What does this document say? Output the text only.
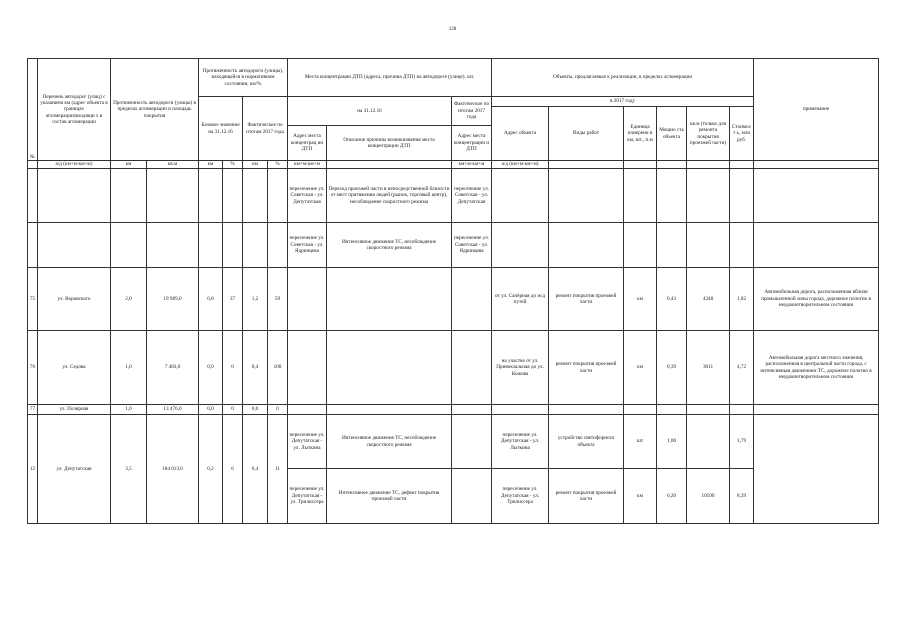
128
№	Перечень автодорог (улиц) с указанием км (адрес объекта в границах агломерации)входящи х в состав агломерации	Протяженность автодороги (улицы) в пределах агломерации и площадь покрытия		Протяженность автодороги (улицы), находящейся в нормативном состоянии, км/%				Места концентрации ДТП (адреса, причина ДТП) на автодороге (улице), шт.			Объекты, предлагаемые к реализации, в пределах агломерации						примечание
				Базовое значение на 31.12.16		Фактическое по итогам 2017 года		на 31.12.16		Фактическое по итогам 2017 года	в 2017 году						
											Адрес объекта	Виды работ	Единица измерени я км, шт., п.м	Мощно сть объекта	кв.м (только для ремонта покрытия проезжей части)	Стоимост ь, млн руб.	
								Адрес места концентрац ии ДТП	Описание причины возникновения места концентрации ДТП	Адрес места концентрации и ДТП							
	а/д (км+м-км+м)	км	кв.м	км	%	км	%	км+м-км+м		км+м-км+м	а/д (км+м-км+м)						
								пересечение ул. Советская - ул. Депутатская	Переход проезжей части в непосредственной близости от мест притяжения людей (рынок, торговый центр), несоблюдение скоростного режима	пересечение ул. Советская - ул. Депутатская							
								пересечение ул. Советская - ул. Ядринцева	Интенсивное движение ТС, несоблюдение скоростного режима	пересечение ул. Советская - ул. Ядринцева							
75	ул. Воровского	2,0	19 989,0	0,8	37	1,2	59				от ул. Сапёрная до ж/д путей	ремонт покрытия проезжей части	км	0,43	4248	1,82	Автомобильная дорога, расположенная вблизи промышленной зоны города, дорожное полотно в неудовлетворительном состоянии
76	ул. Седова	1,0	7 483,0	0,0	0	0,4	100				на участке от ул. Привокзальная до ул. Кожова	ремонт покрытия проезжей части	км	0,39	3011	4,72	Автомобильная дорога местного значения, расположенная в центральной части города, с интенсивным движением ТС, дорожное полотно в неудовлетворительном состоянии
77	ул. Полярная	1,0	13 476,0	0,0	0	0,0	0										
12	ул. Депутатская	3,5	184 013,0	0,2	6	0,4	11	пересечение ул. Депутатская - ул. Лыткина	Интенсивное движение ТС, несоблюдение скоростного режима		пересечение ул. Депутатская - ул. Лыткина	устройство светофорного объекта	шт	1,00		1,79	
								пересечение ул. Депутатская - ул. Трилиссера	Интенсивное движение ТС, дефект покрытия проезжей части		пересечение ул. Депутатская - ул. Трилиссера	ремонт покрытия проезжей части	км	0,20	10590	8,39	
